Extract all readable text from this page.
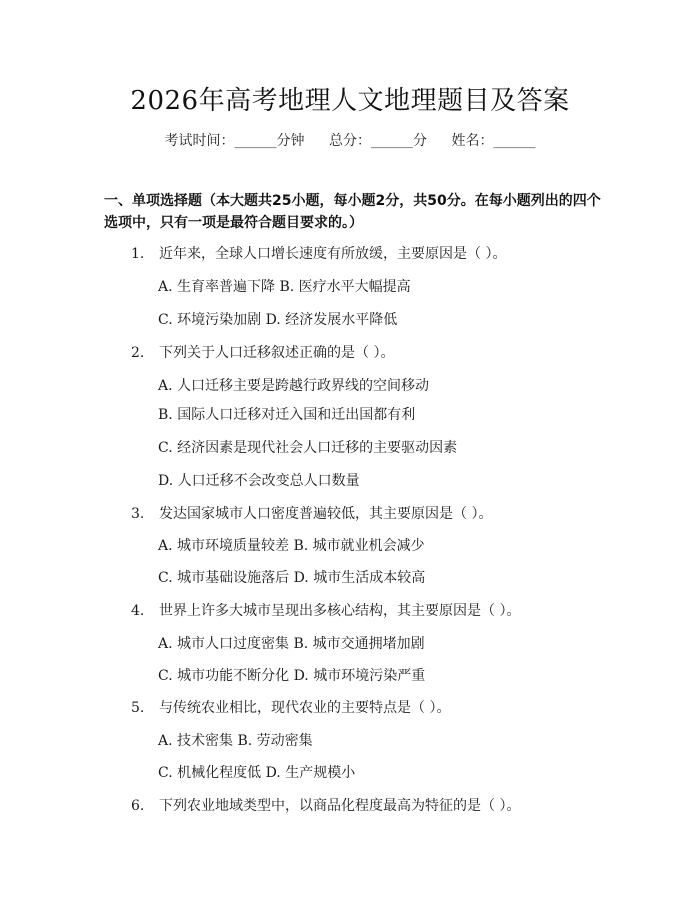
2026年高考地理人文地理题目及答案
考试时间：______分钟 总分：______分 姓名：______
一、单项选择题（本大题共25小题，每小题2分，共50分。在每小题列出的四个选项中，只有一项是最符合题目要求的。）
1. 近年来，全球人口增长速度有所放缓，主要原因是（ ）。
A. 生育率普遍下降 B. 医疗水平大幅提高
C. 环境污染加剧 D. 经济发展水平降低
2. 下列关于人口迁移叙述正确的是（ ）。
A. 人口迁移主要是跨越行政界线的空间移动
B. 国际人口迁移对迁入国和迁出国都有利
C. 经济因素是现代社会人口迁移的主要驱动因素
D. 人口迁移不会改变总人口数量
3. 发达国家城市人口密度普遍较低，其主要原因是（ ）。
A. 城市环境质量较差 B. 城市就业机会减少
C. 城市基础设施落后 D. 城市生活成本较高
4. 世界上许多大城市呈现出多核心结构，其主要原因是（ ）。
A. 城市人口过度密集 B. 城市交通拥堵加剧
C. 城市功能不断分化 D. 城市环境污染严重
5. 与传统农业相比，现代农业的主要特点是（ ）。
A. 技术密集 B. 劳动密集
C. 机械化程度低 D. 生产规模小
6. 下列农业地域类型中，以商品化程度最高为特征的是（ ）。
